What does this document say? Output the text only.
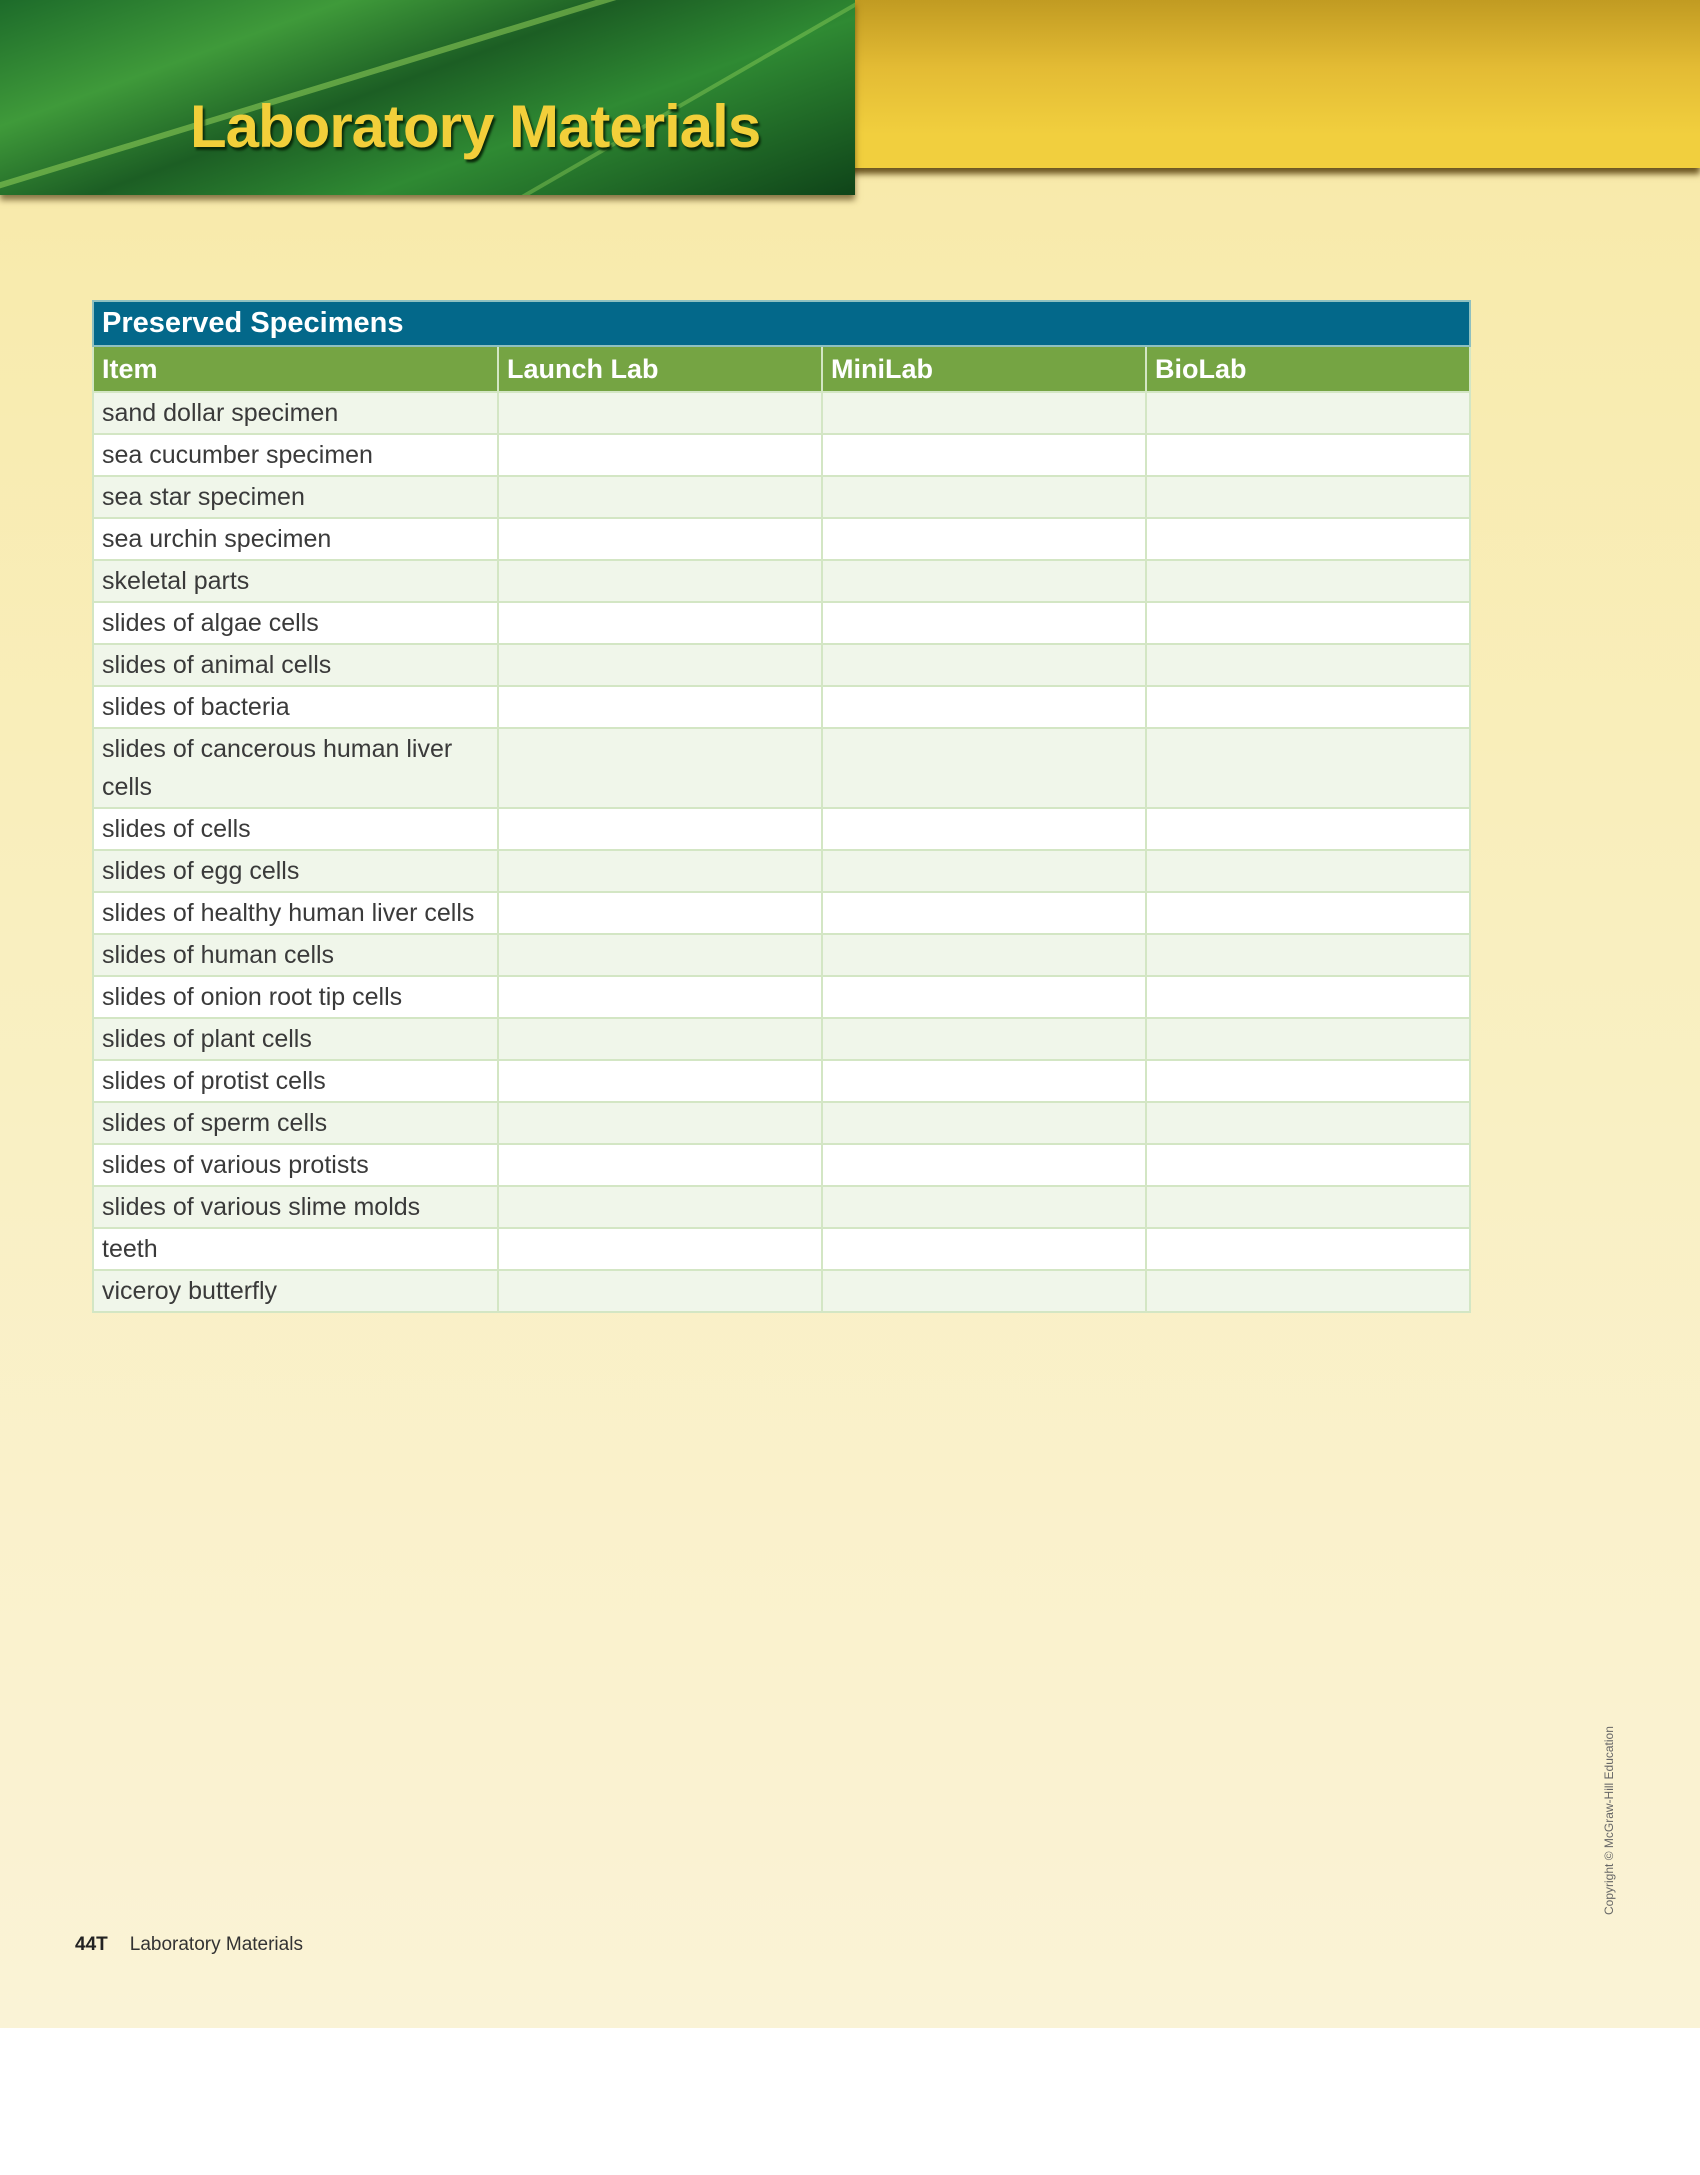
Laboratory Materials
Preserved Specimens			
Item	Launch Lab	MiniLab	BioLab
sand dollar specimen			
sea cucumber specimen			
sea star specimen			
sea urchin specimen			
skeletal parts			
slides of algae cells			
slides of animal cells			
slides of bacteria			
slides of cancerous human liver cells			
slides of cells			
slides of egg cells			
slides of healthy human liver cells			
slides of human cells			
slides of onion root tip cells			
slides of plant cells			
slides of protist cells			
slides of sperm cells			
slides of various protists			
slides of various slime molds			
teeth			
viceroy butterfly			
44T Laboratory Materials
Copyright © McGraw-Hill Education
